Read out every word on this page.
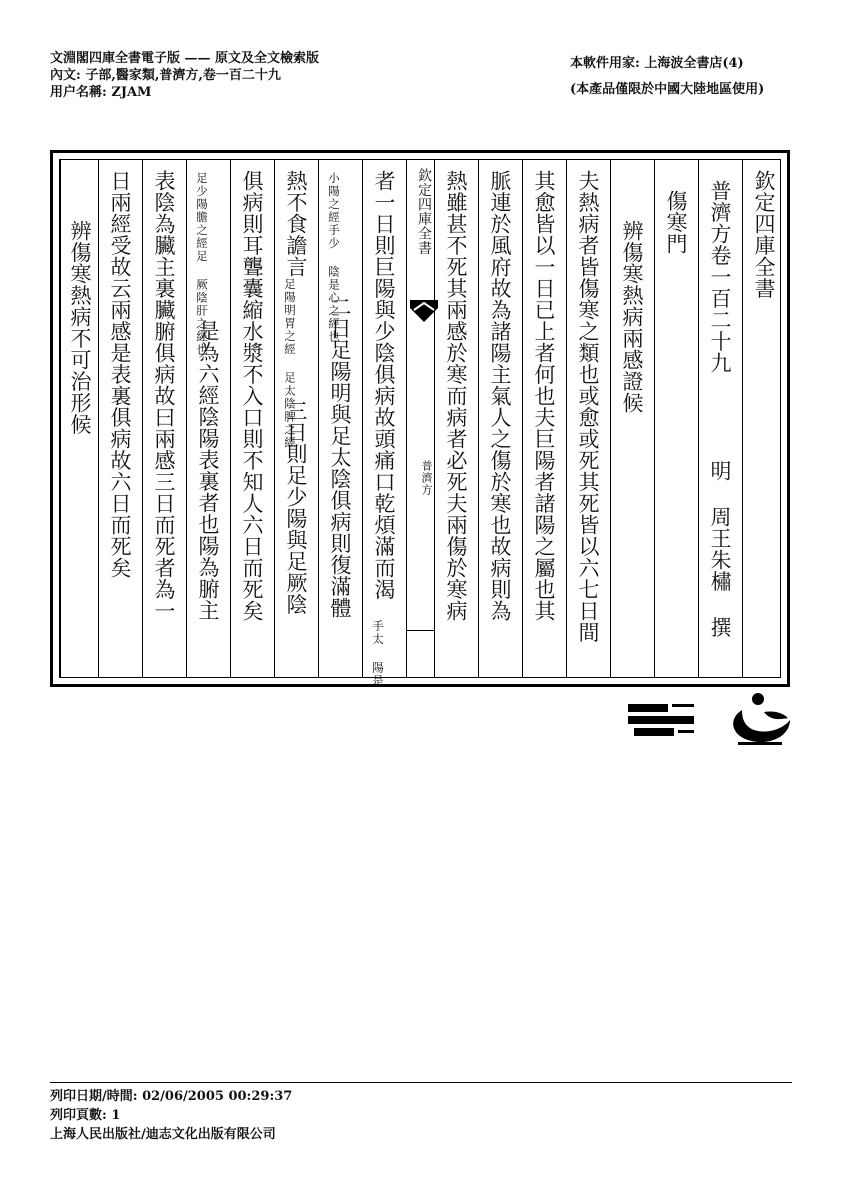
文淵閣四庫全書電子版 —— 原文及全文檢索版
內文: 子部,醫家類,普濟方,卷一百二十九
用户名稱: ZJAM
本軟件用家: 上海波全書店(4)
(本產品僅限於中國大陸地區使用)
欽定四庫全書
普濟方卷一百二十九
明 周王朱橚 撰
傷寒門
辨傷寒熱病兩感證候
夫熱病者皆傷寒之類也或愈或死其死皆以六七日間
其愈皆以一日已上者何也夫巨陽者諸陽之屬也其
脈連於風府故為諸陽主氣人之傷於寒也故病則為
熱雖甚不死其兩感於寒而病者必死夫兩傷於寒病
欽定四庫全書
普濟方
者一日則巨陽與少陰俱病故頭痛口乾煩滿而渴
手太 陽是
小陽之經手少 陰是心之經也
二日足陽明與足太陰俱病則復滿體
熱不食譫言
足陽明胃之經 足太陰脾之經
三日則足少陽與足厥陰
俱病則耳聾囊縮水漿不入口則不知人六日而死矣
足少陽膽之經足 厥陰肝之經也
是為六經陰陽表裏者也陽為腑主
表陰為臟主裏臟腑俱病故曰兩感三日而死者為一
日兩經受故云兩感是表裏俱病故六日而死矣
辨傷寒熱病不可治形候
列印日期/時間: 02/06/2005 00:29:37
列印頁數: 1
上海人民出版社/迪志文化出版有限公司
